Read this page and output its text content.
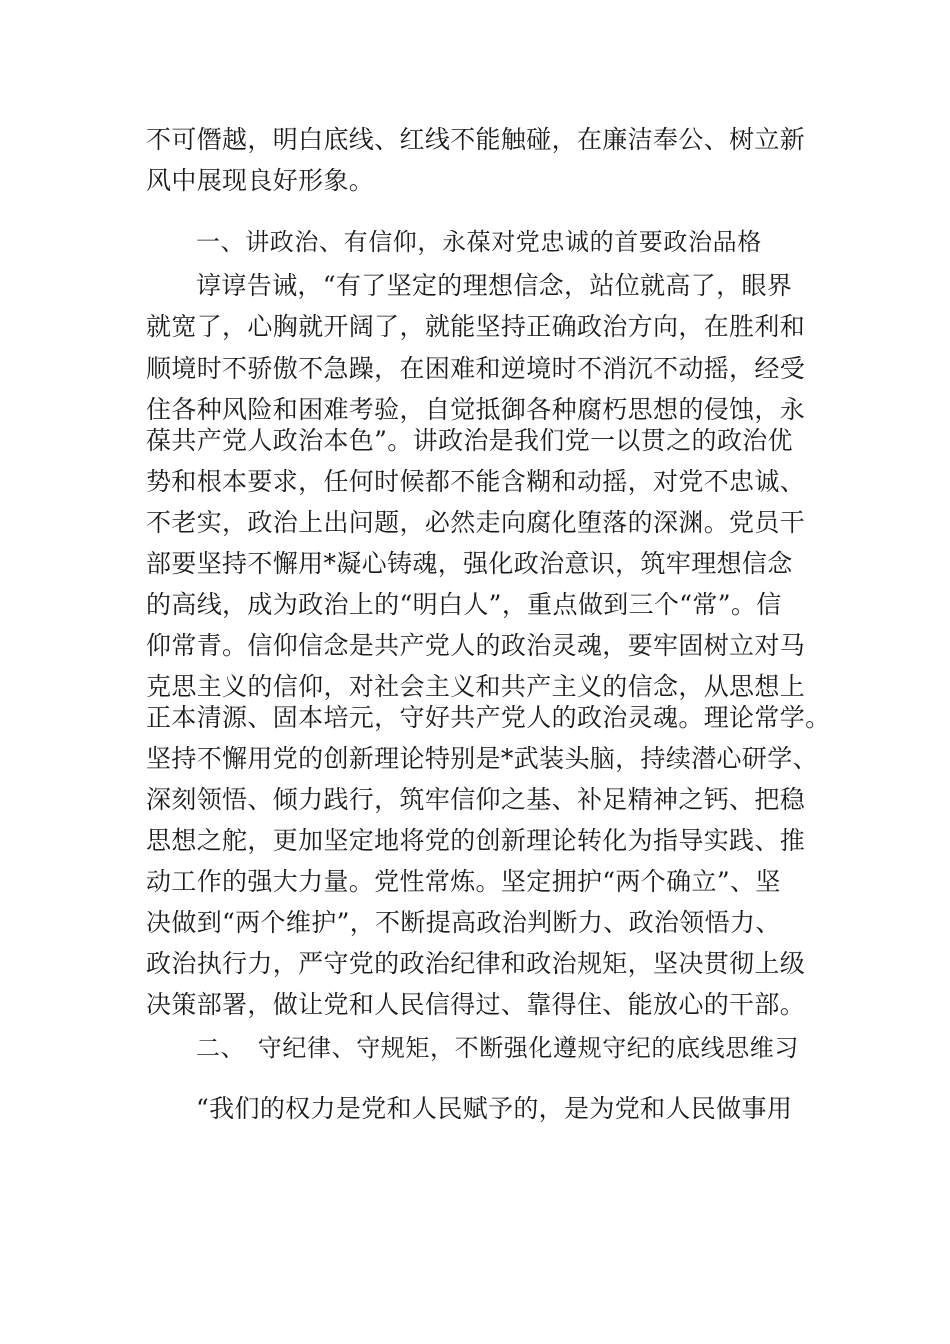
不可僭越，明白底线、红线不能触碰，在廉洁奉公、树立新
风中展现良好形象。
一、讲政治、有信仰，永葆对党忠诚的首要政治品格
谆谆告诫，“有了坚定的理想信念，站位就高了，眼界
就宽了，心胸就开阔了，就能坚持正确政治方向，在胜利和
顺境时不骄傲不急躁，在困难和逆境时不消沉不动摇，经受
住各种风险和困难考验，自觉抵御各种腐朽思想的侵蚀，永
葆共产党人政治本色”。讲政治是我们党一以贯之的政治优
势和根本要求，任何时候都不能含糊和动摇，对党不忠诚、
不老实，政治上出问题，必然走向腐化堕落的深渊。党员干
部要坚持不懈用*凝心铸魂，强化政治意识，筑牢理想信念
的高线，成为政治上的“明白人”，重点做到三个“常”。信
仰常青。信仰信念是共产党人的政治灵魂，要牢固树立对马
克思主义的信仰，对社会主义和共产主义的信念，从思想上
正本清源、固本培元，守好共产党人的政治灵魂。理论常学。
坚持不懈用党的创新理论特别是*武装头脑，持续潜心研学、
深刻领悟、倾力践行，筑牢信仰之基、补足精神之钙、把稳
思想之舵，更加坚定地将党的创新理论转化为指导实践、推
动工作的强大力量。党性常炼。坚定拥护“两个确立”、坚
决做到“两个维护”，不断提高政治判断力、政治领悟力、
政治执行力，严守党的政治纪律和政治规矩，坚决贯彻上级
决策部署，做让党和人民信得过、靠得住、能放心的干部。
二、　守纪律、守规矩，不断强化遵规守纪的底线思维习
“我们的权力是党和人民赋予的，是为党和人民做事用
